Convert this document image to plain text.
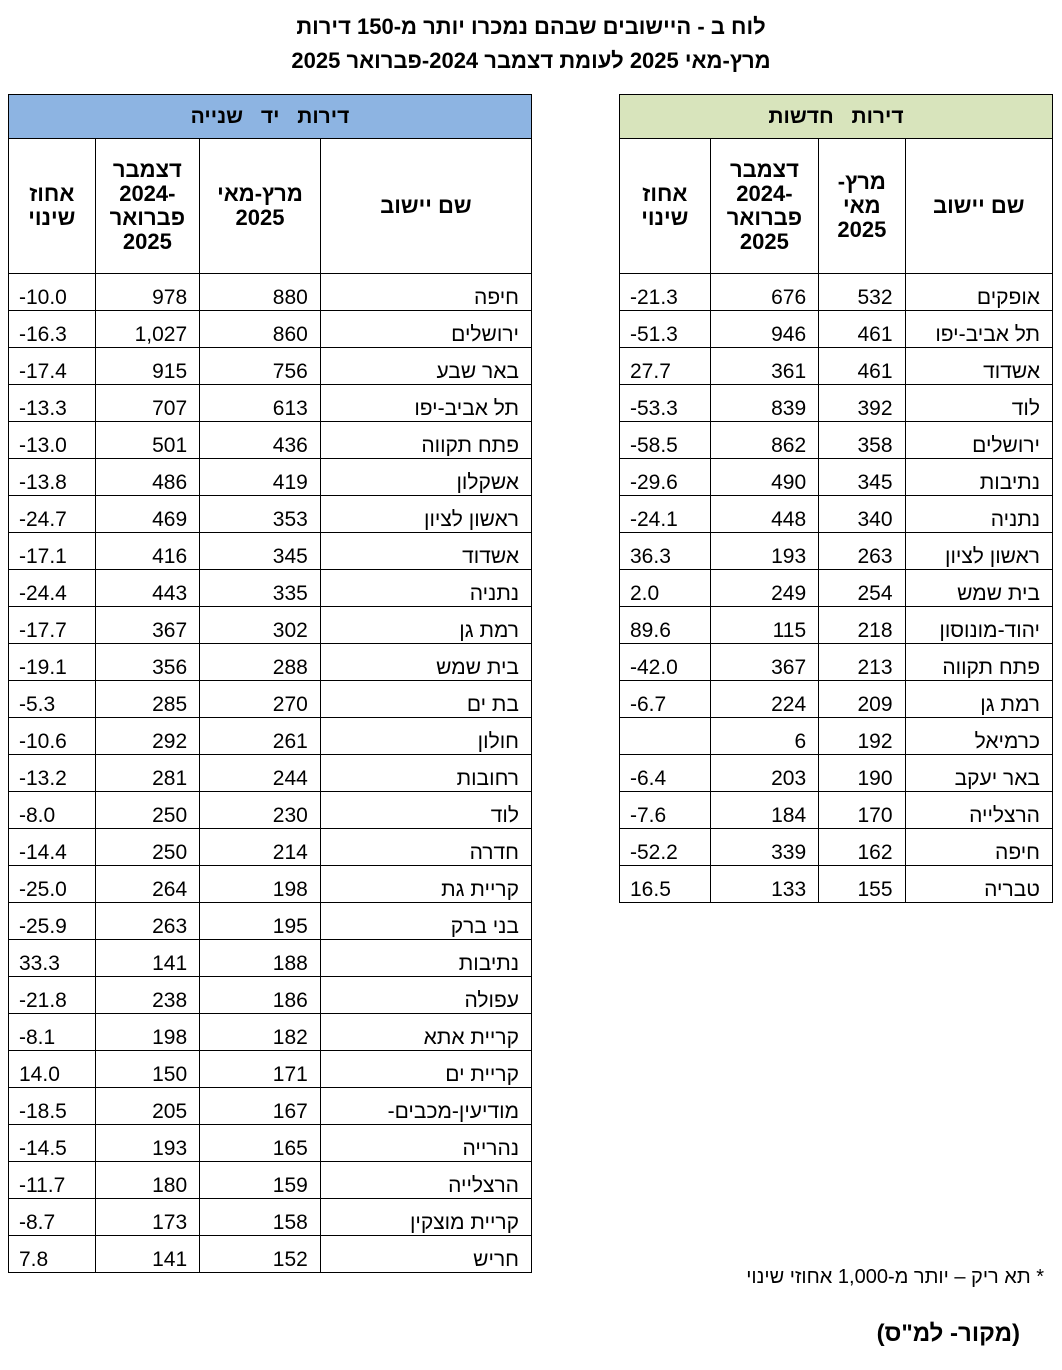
לוח ב - היישובים שבהם נמכרו יותר מ-150 דירות
מרץ-מאי 2025 לעומת דצמבר 2024-פברואר 2025
דירות חדשות			
שם יישוב	מרץ- מאי 2025	דצמבר -2024 פברואר 2025	אחוז שינוי
אופקים	532	676	-21.3
תל אביב-יפו	461	946	-51.3
אשדוד	461	361	27.7
לוד	392	839	-53.3
ירושלים	358	862	-58.5
נתיבות	345	490	-29.6
נתניה	340	448	-24.1
ראשון לציון	263	193	36.3
בית שמש	254	249	2.0
יהוד-מונוסון	218	115	89.6
פתח תקווה	213	367	-42.0
רמת גן	209	224	-6.7
כרמיאל	192	6	
באר יעקב	190	203	-6.4
הרצלייה	170	184	-7.6
חיפה	162	339	-52.2
טבריה	155	133	16.5
דירות יד שנייה			
שם יישוב	מרץ-מאי 2025	דצמבר -2024 פברואר 2025	אחוז שינוי
חיפה	880	978	-10.0
ירושלים	860	1,027	-16.3
באר שבע	756	915	-17.4
תל אביב-יפו	613	707	-13.3
פתח תקווה	436	501	-13.0
אשקלון	419	486	-13.8
ראשון לציון	353	469	-24.7
אשדוד	345	416	-17.1
נתניה	335	443	-24.4
רמת גן	302	367	-17.7
בית שמש	288	356	-19.1
בת ים	270	285	-5.3
חולון	261	292	-10.6
רחובות	244	281	-13.2
לוד	230	250	-8.0
חדרה	214	250	-14.4
קריית גת	198	264	-25.0
בני ברק	195	263	-25.9
נתיבות	188	141	33.3
עפולה	186	238	-21.8
קריית אתא	182	198	-8.1
קריית ים	171	150	14.0
מודיעין-מכבים-	167	205	-18.5
נהרייה	165	193	-14.5
הרצלייה	159	180	-11.7
קריית מוצקין	158	173	-8.7
חריש	152	141	7.8
* תא ריק – יותר מ-1,000 אחוזי שינוי
(מקור- למ"ס)
